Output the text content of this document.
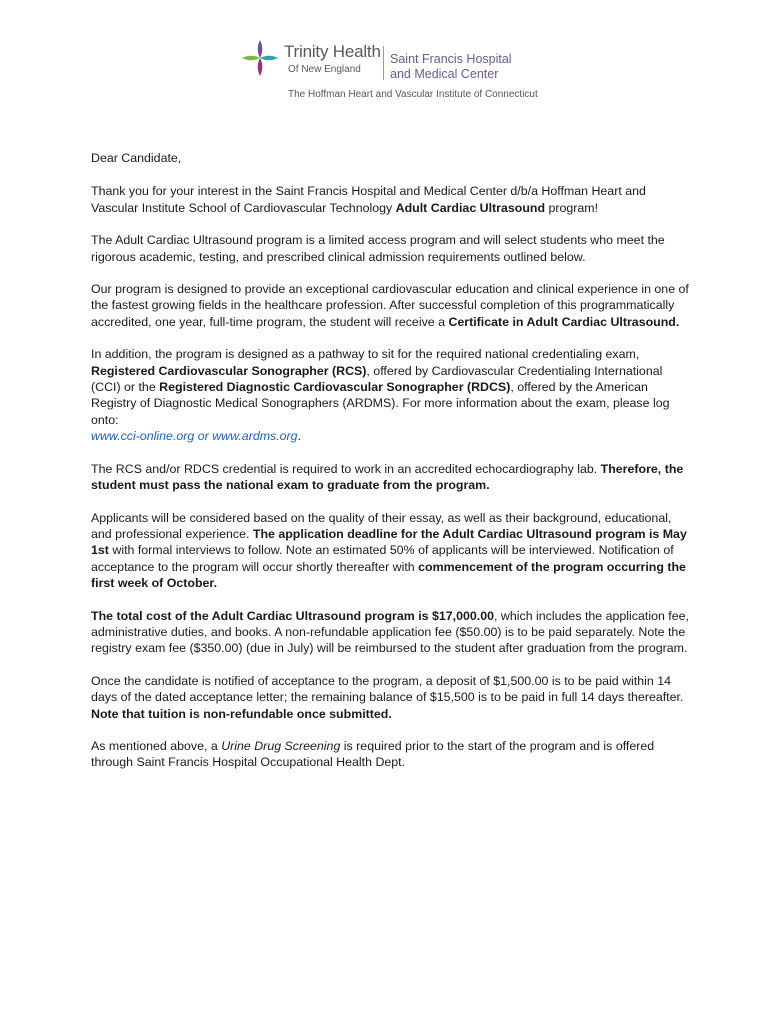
Trinity Health
Of New England
Saint Francis Hospital
and Medical Center
The Hoffman Heart and Vascular Institute of Connecticut

Dear Candidate,

Thank you for your interest in the Saint Francis Hospital and Medical Center d/b/a Hoffman Heart and Vascular Institute School of Cardiovascular Technology Adult Cardiac Ultrasound program!

The Adult Cardiac Ultrasound program is a limited access program and will select students who meet the rigorous academic, testing, and prescribed clinical admission requirements outlined below.

Our program is designed to provide an exceptional cardiovascular education and clinical experience in one of the fastest growing fields in the healthcare profession. After successful completion of this programmatically accredited, one year, full-time program, the student will receive a Certificate in Adult Cardiac Ultrasound.

In addition, the program is designed as a pathway to sit for the required national credentialing exam, Registered Cardiovascular Sonographer (RCS), offered by Cardiovascular Credentialing International (CCI) or the Registered Diagnostic Cardiovascular Sonographer (RDCS), offered by the American Registry of Diagnostic Medical Sonographers (ARDMS). For more information about the exam, please log onto:
www.cci-online.org or www.ardms.org.

The RCS and/or RDCS credential is required to work in an accredited echocardiography lab. Therefore, the student must pass the national exam to graduate from the program.

Applicants will be considered based on the quality of their essay, as well as their background, educational, and professional experience. The application deadline for the Adult Cardiac Ultrasound program is May 1st with formal interviews to follow. Note an estimated 50% of applicants will be interviewed. Notification of acceptance to the program will occur shortly thereafter with commencement of the program occurring the first week of October.

The total cost of the Adult Cardiac Ultrasound program is $17,000.00, which includes the application fee, administrative duties, and books. A non-refundable application fee ($50.00) is to be paid separately. Note the registry exam fee ($350.00) (due in July) will be reimbursed to the student after graduation from the program.

Once the candidate is notified of acceptance to the program, a deposit of $1,500.00 is to be paid within 14 days of the dated acceptance letter; the remaining balance of $15,500 is to be paid in full 14 days thereafter. Note that tuition is non-refundable once submitted.

As mentioned above, a Urine Drug Screening is required prior to the start of the program and is offered through Saint Francis Hospital Occupational Health Dept.
